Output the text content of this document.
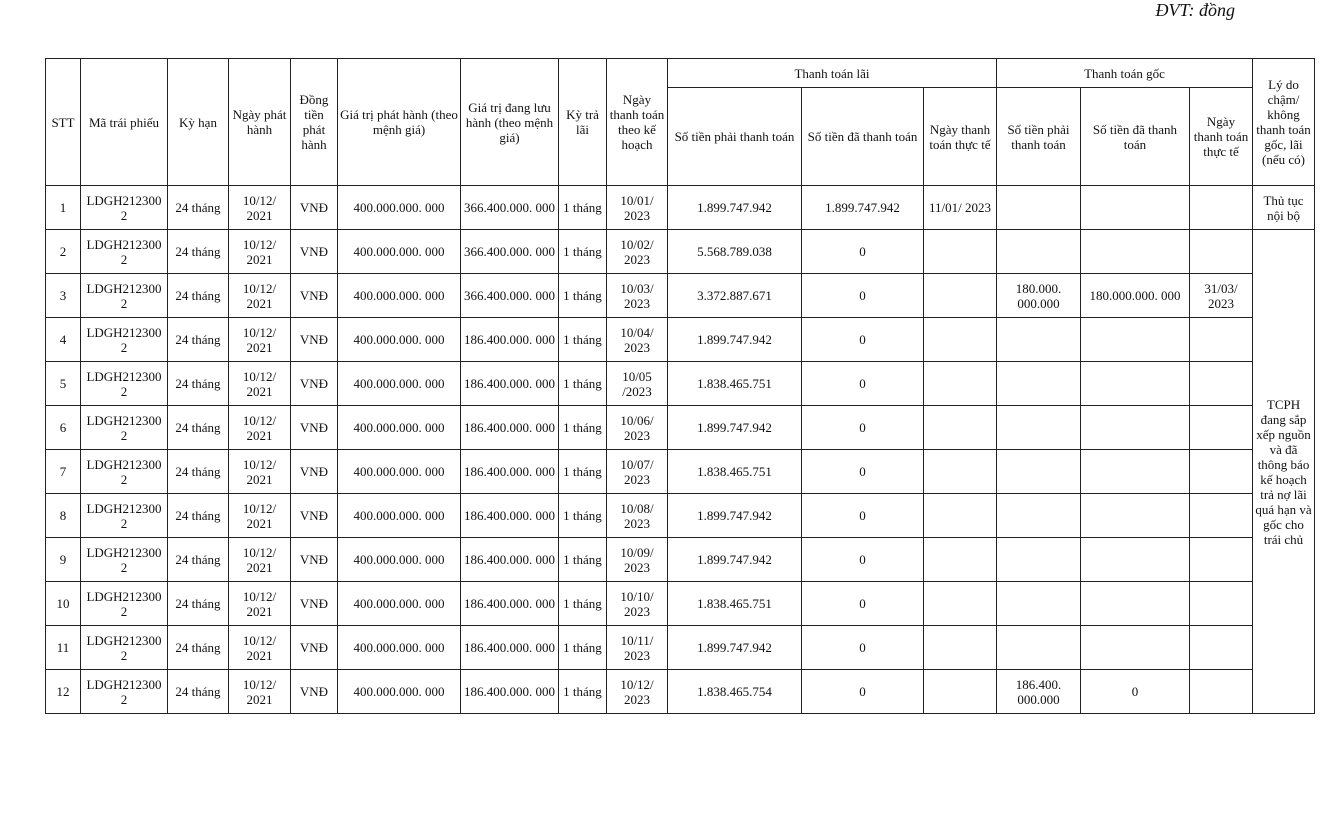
ĐVT: đồng
STT	Mã trái phiếu	Kỳ hạn	Ngày phát hành	Đồng tiền phát hành	Giá trị phát hành (theo mệnh giá)	Giá trị đang lưu hành (theo mệnh giá)	Kỳ trả lãi	Ngày thanh toán theo kế hoạch	Thanh toán lãi			Thanh toán gốc			Lý do chậm/ không thanh toán gốc, lãi (nếu có)
									Số tiền phải thanh toán	Số tiền đã thanh toán	Ngày thanh toán thực tế	Số tiền phải thanh toán	Số tiền đã thanh toán	Ngày thanh toán thực tế	
1	LDGH212300 2	24 tháng	10/12/ 2021	VNĐ	400.000.000. 000	366.400.000. 000	1 tháng	10/01/ 2023	1.899.747.942	1.899.747.942	11/01/ 2023				Thủ tục nội bộ
2	LDGH212300 2	24 tháng	10/12/ 2021	VNĐ	400.000.000. 000	366.400.000. 000	1 tháng	10/02/ 2023	5.568.789.038	0					TCPH đang sắp xếp nguồn và đã thông báo kế hoạch trả nợ lãi quá hạn và gốc cho trái chủ
3	LDGH212300 2	24 tháng	10/12/ 2021	VNĐ	400.000.000. 000	366.400.000. 000	1 tháng	10/03/ 2023	3.372.887.671	0		180.000. 000.000	180.000.000. 000	31/03/ 2023	
4	LDGH212300 2	24 tháng	10/12/ 2021	VNĐ	400.000.000. 000	186.400.000. 000	1 tháng	10/04/ 2023	1.899.747.942	0					
5	LDGH212300 2	24 tháng	10/12/ 2021	VNĐ	400.000.000. 000	186.400.000. 000	1 tháng	10/05 /2023	1.838.465.751	0					
6	LDGH212300 2	24 tháng	10/12/ 2021	VNĐ	400.000.000. 000	186.400.000. 000	1 tháng	10/06/ 2023	1.899.747.942	0					
7	LDGH212300 2	24 tháng	10/12/ 2021	VNĐ	400.000.000. 000	186.400.000. 000	1 tháng	10/07/ 2023	1.838.465.751	0					
8	LDGH212300 2	24 tháng	10/12/ 2021	VNĐ	400.000.000. 000	186.400.000. 000	1 tháng	10/08/ 2023	1.899.747.942	0					
9	LDGH212300 2	24 tháng	10/12/ 2021	VNĐ	400.000.000. 000	186.400.000. 000	1 tháng	10/09/ 2023	1.899.747.942	0					
10	LDGH212300 2	24 tháng	10/12/ 2021	VNĐ	400.000.000. 000	186.400.000. 000	1 tháng	10/10/ 2023	1.838.465.751	0					
11	LDGH212300 2	24 tháng	10/12/ 2021	VNĐ	400.000.000. 000	186.400.000. 000	1 tháng	10/11/ 2023	1.899.747.942	0					
12	LDGH212300 2	24 tháng	10/12/ 2021	VNĐ	400.000.000. 000	186.400.000. 000	1 tháng	10/12/ 2023	1.838.465.754	0		186.400. 000.000	0		
